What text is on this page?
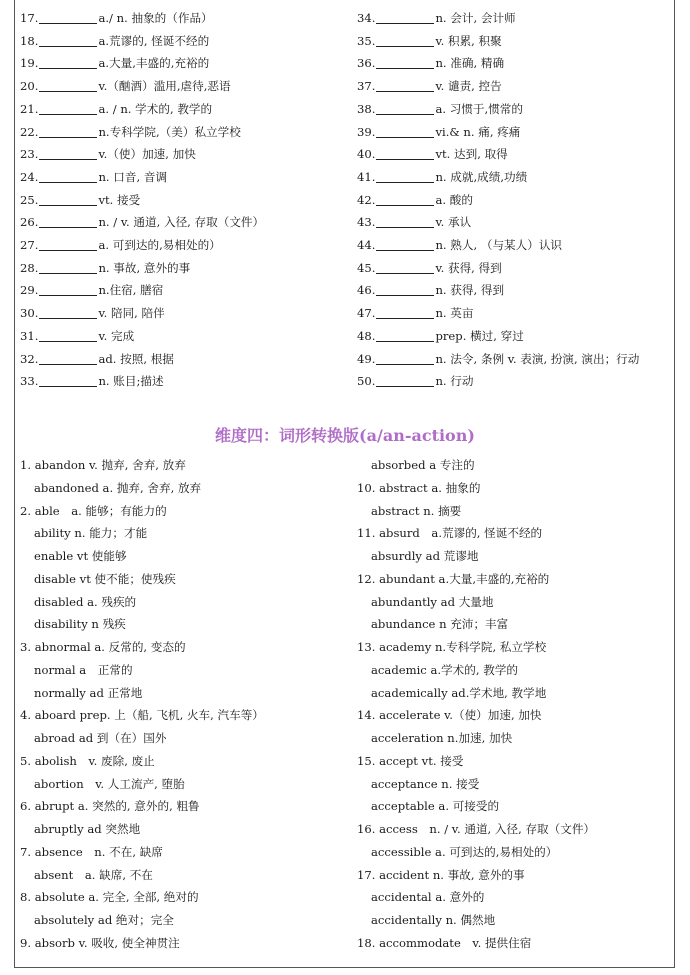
17.	a./ n. 抽象的（作品）
18.	a.荒谬的, 怪诞不经的
19.	a.大量,丰盛的,充裕的
20.	v.（酗酒）滥用,虐待,恶语
21.	a. / n. 学术的, 教学的
22.	n.专科学院,（美）私立学校
23.	v.（使）加速, 加快
24.	n. 口音, 音调
25.	vt. 接受
26.	n. / v. 通道, 入径, 存取（文件）
27.	a. 可到达的,易相处的）
28.	n. 事故, 意外的事
29.	n.住宿, 膳宿
30.	v. 陪同, 陪伴
31.	v. 完成
32.	ad. 按照, 根据
33.	n. 账目;描述
34.	n. 会计, 会计师
35.	v. 积累, 积聚
36.	n. 准确, 精确
37.	v. 谴责, 控告
38.	a. 习惯于,惯常的
39.	vi.& n. 痛, 疼痛
40.	vt. 达到, 取得
41.	n. 成就,成绩,功绩
42.	a. 酸的
43.	v. 承认
44.	n. 熟人, （与某人）认识
45.	v. 获得, 得到
46.	n. 获得, 得到
47.	n. 英亩
48.	prep. 横过, 穿过
49.	n. 法令, 条例 v. 表演, 扮演, 演出；行动
50.	n. 行动
维度四：词形转换版(a/an-action)
1. abandon v. 抛弃, 舍弃, 放弃
abandoned a. 抛弃, 舍弃, 放弃
2. able　a. 能够；有能力的
ability n. 能力；才能
enable vt 使能够
disable vt 使不能；使残疾
disabled a. 残疾的
disability n 残疾
3. abnormal a. 反常的, 变态的
normal a　正常的
normally ad 正常地
4. aboard prep. 上（船, 飞机, 火车, 汽车等）
abroad ad 到（在）国外
5. abolish　v. 废除, 废止
abortion　v. 人工流产, 堕胎
6. abrupt a. 突然的, 意外的, 粗鲁
abruptly ad 突然地
7. absence　n. 不在, 缺席
absent　a. 缺席, 不在
8. absolute a. 完全, 全部, 绝对的
absolutely ad 绝对；完全
9. absorb v. 吸收, 使全神贯注
absorbed a 专注的
10. abstract a. 抽象的
abstract n. 摘要
11. absurd　a.荒谬的, 怪诞不经的
absurdly ad 荒谬地
12. abundant a.大量,丰盛的,充裕的
abundantly ad 大量地
abundance n 充沛；丰富
13. academy n.专科学院, 私立学校
academic a.学术的, 教学的
academically ad.学术地, 教学地
14. accelerate v.（使）加速, 加快
acceleration n.加速, 加快
15. accept vt. 接受
acceptance n. 接受
acceptable a. 可接受的
16. access　n. / v. 通道, 入径, 存取（文件）
accessible a. 可到达的,易相处的）
17. accident n. 事故, 意外的事
accidental a. 意外的
accidentally n. 偶然地
18. accommodate　v. 提供住宿
